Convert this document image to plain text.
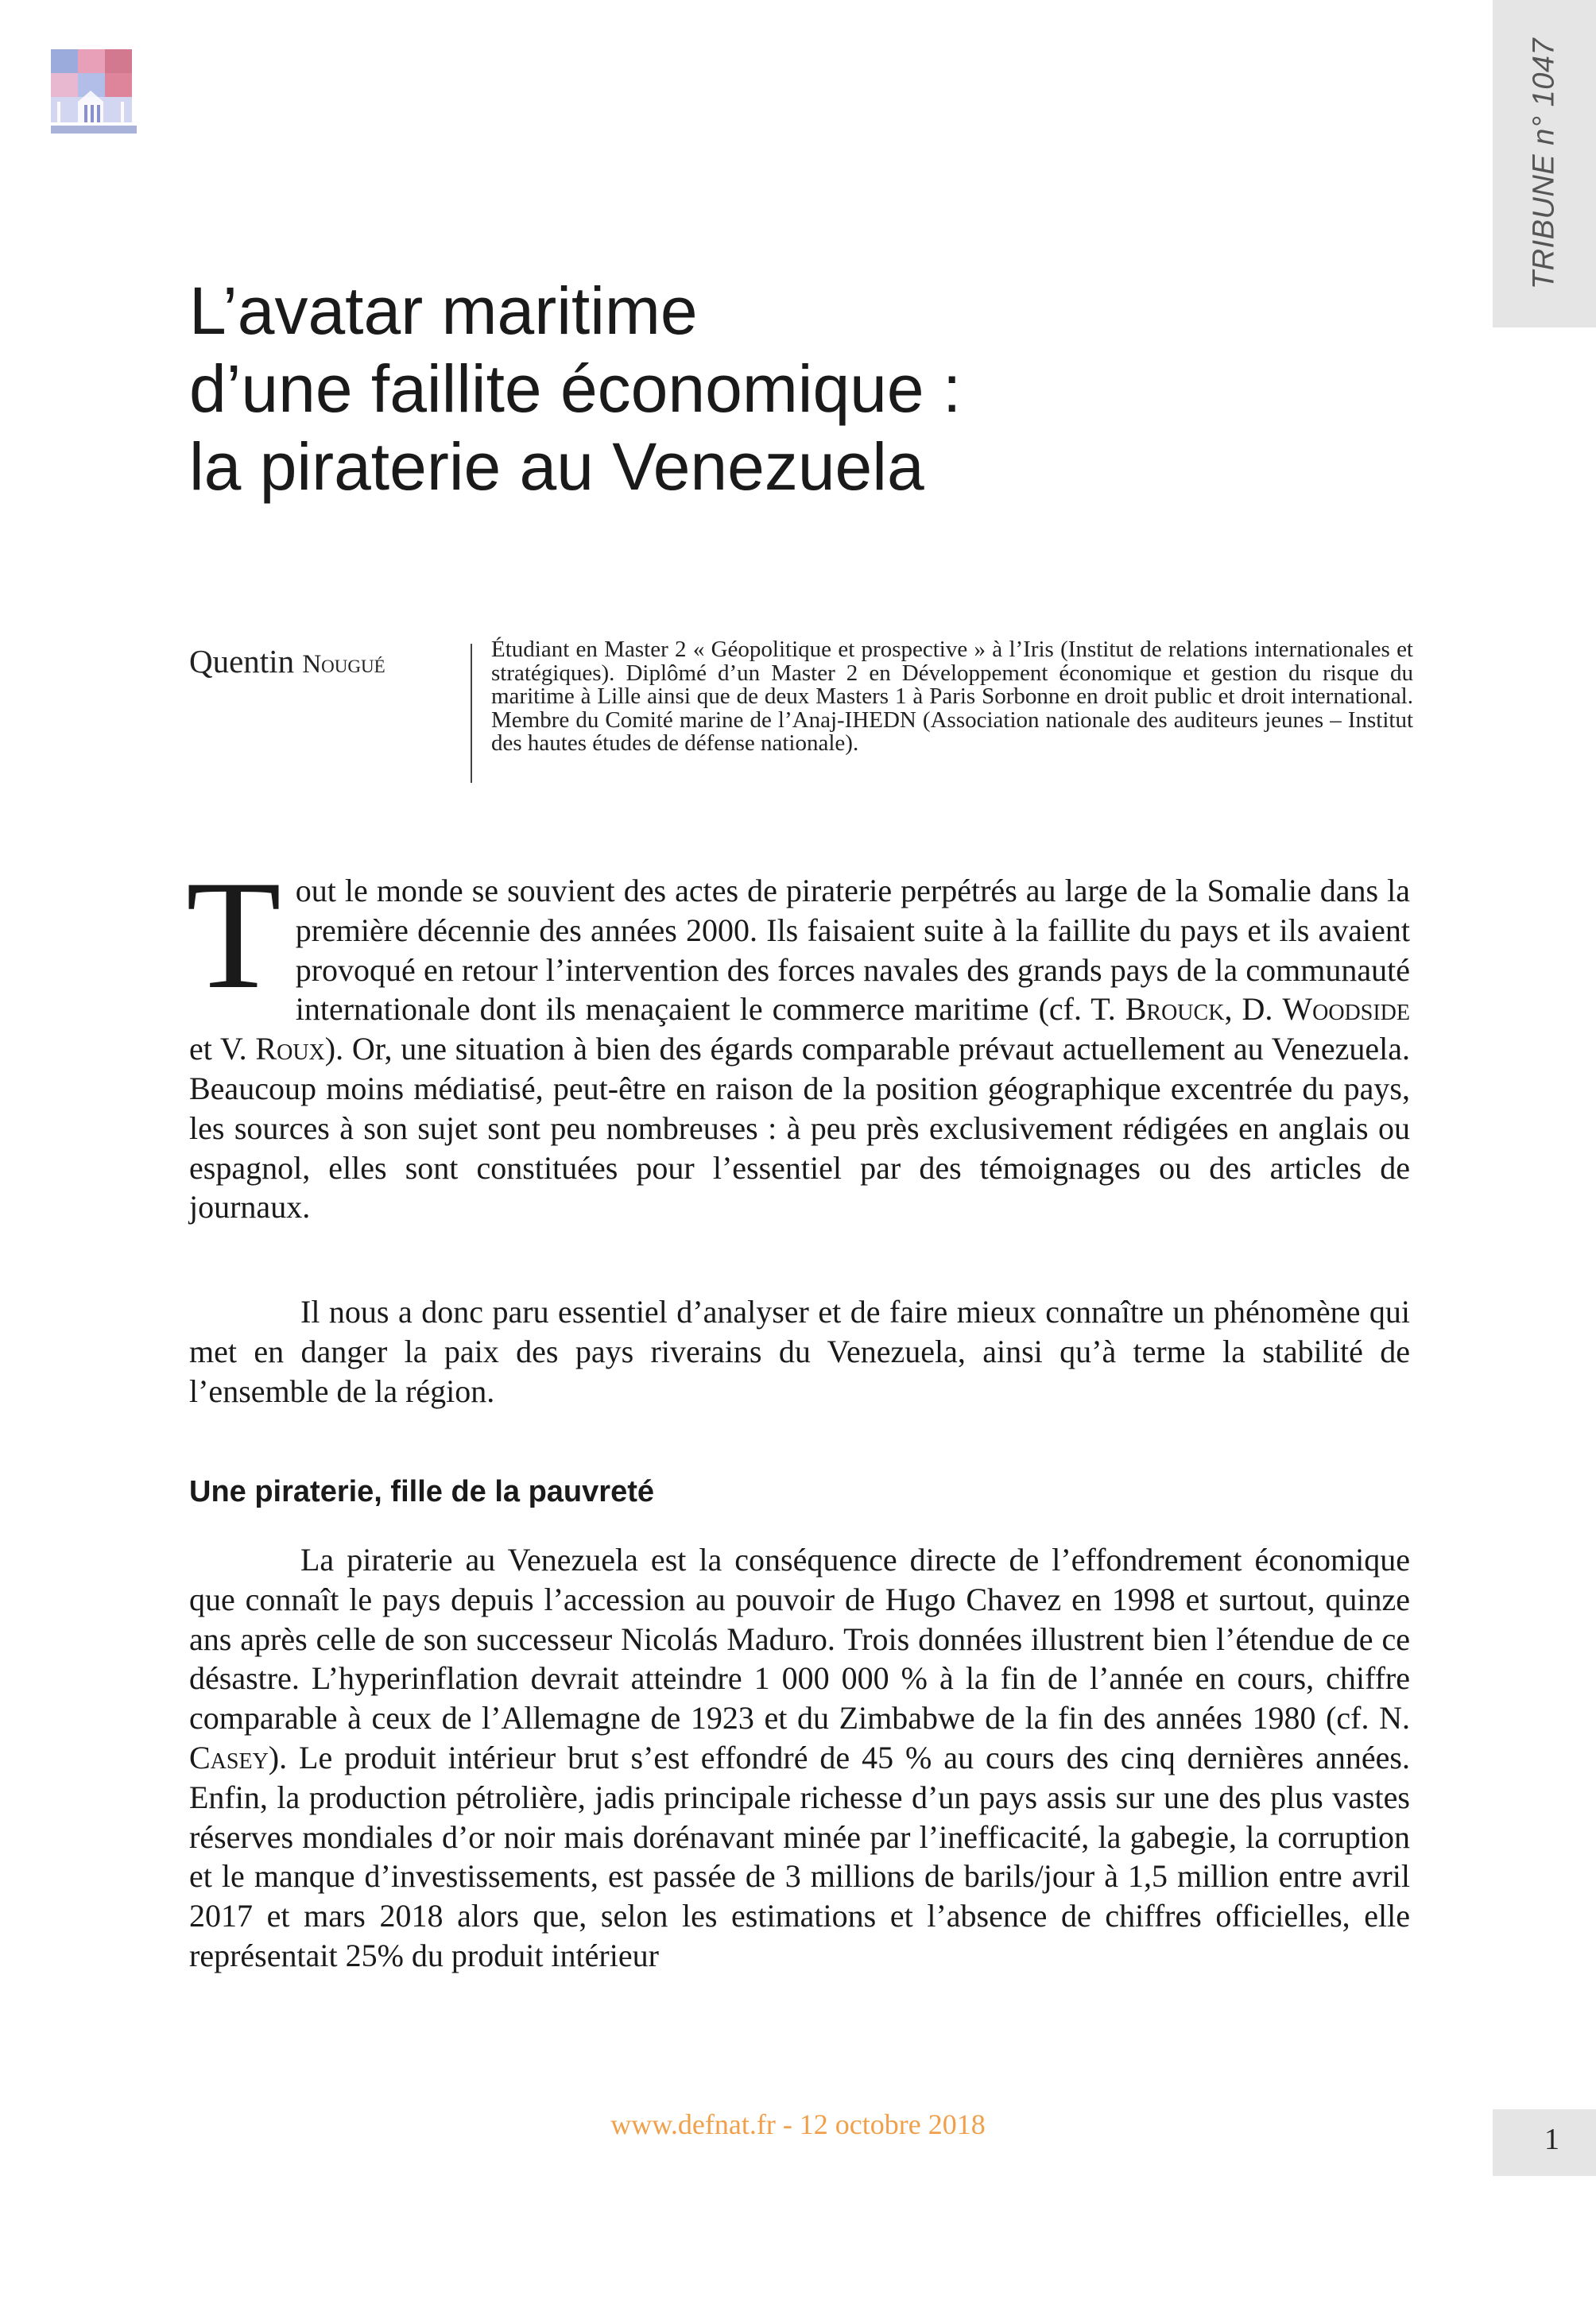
TRIBUNE n° 1047
L’avatar maritime
d’une faillite économique :
la piraterie au Venezuela
Quentin Nougué
Étudiant en Master 2 « Géopolitique et prospective » à l’Iris (Institut de relations internationales et stratégiques). Diplômé d’un Master 2 en Développement économique et gestion du risque du maritime à Lille ainsi que de deux Masters 1 à Paris Sorbonne en droit public et droit international. Membre du Comité marine de l’Anaj-IHEDN (Association nationale des auditeurs jeunes – Institut des hautes études de défense nationale).
Tout le monde se souvient des actes de piraterie perpétrés au large de la Somalie dans la première décennie des années 2000. Ils faisaient suite à la faillite du pays et ils avaient provoqué en retour l’intervention des forces navales des grands pays de la communauté internationale dont ils menaçaient le commerce maritime (cf. T. Brouck, D. Woodside et V. Roux). Or, une situation à bien des égards comparable prévaut actuellement au Venezuela. Beaucoup moins médiatisé, peut-être en raison de la position géographique excentrée du pays, les sources à son sujet sont peu nombreuses : à peu près exclusivement rédigées en anglais ou espagnol, elles sont constituées pour l’essentiel par des témoignages ou des articles de journaux.
Il nous a donc paru essentiel d’analyser et de faire mieux connaître un phénomène qui met en danger la paix des pays riverains du Venezuela, ainsi qu’à terme la stabilité de l’ensemble de la région.
Une piraterie, fille de la pauvreté
La piraterie au Venezuela est la conséquence directe de l’effondrement économique que connaît le pays depuis l’accession au pouvoir de Hugo Chavez en 1998 et surtout, quinze ans après celle de son successeur Nicolás Maduro. Trois données illustrent bien l’étendue de ce désastre. L’hyperinflation devrait atteindre 1 000 000 % à la fin de l’année en cours, chiffre comparable à ceux de l’Allemagne de 1923 et du Zimbabwe de la fin des années 1980 (cf. N. Casey). Le produit intérieur brut s’est effondré de 45 % au cours des cinq dernières années. Enfin, la production pétrolière, jadis principale richesse d’un pays assis sur une des plus vastes réserves mondiales d’or noir mais dorénavant minée par l’inefficacité, la gabegie, la corruption et le manque d’investissements, est passée de 3 millions de barils/jour à 1,5 million entre avril 2017 et mars 2018 alors que, selon les estimations et l’absence de chiffres officielles, elle représentait 25% du produit intérieur
www.defnat.fr - 12 octobre 2018	1
